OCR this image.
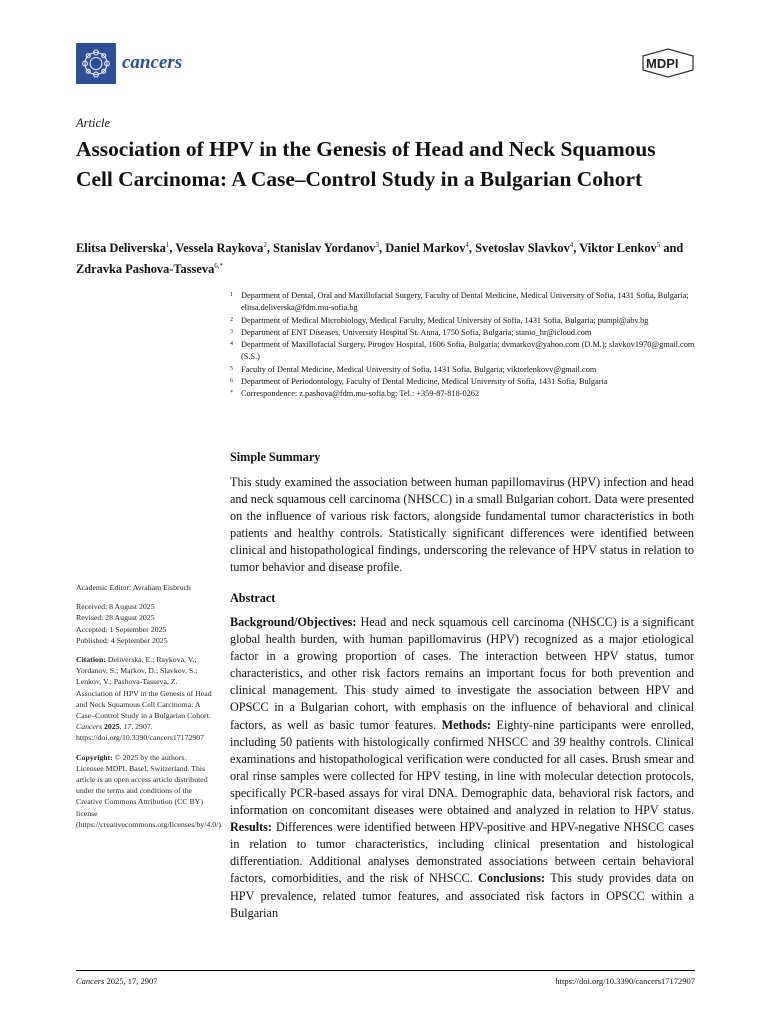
cancers	MDPI
Article
Association of HPV in the Genesis of Head and Neck Squamous Cell Carcinoma: A Case–Control Study in a Bulgarian Cohort
Elitsa Deliverska$^1$, Vessela Raykova$^2$, Stanislav Yordanov$^3$, Daniel Markov$^4$, Svetoslav Slavkov$^4$, Viktor Lenkov$^5$ and Zdravka Pashova-Tasseva$^{6,*}$
1 Department of Dental, Oral and Maxillofacial Surgery, Faculty of Dental Medicine, Medical University of Sofia, 1431 Sofia, Bulgaria; elitsa.deliverska@fdm.mu-sofia.bg
2 Department of Medical Microbiology, Medical Faculty, Medical University of Sofia, 1431 Sofia, Bulgaria; pumpi@abv.bg
3 Department of ENT Diseases, University Hospital St. Anna, 1750 Sofia, Bulgaria; stanio_hr@icloud.com
4 Department of Maxillofacial Surgery, Pirogov Hospital, 1606 Sofia, Bulgaria; dvmarkov@yahoo.com (D.M.); slavkov1970@gmail.com (S.S.)
5 Faculty of Dental Medicine, Medical University of Sofia, 1431 Sofia, Bulgaria; viktorlenkovv@gmail.com
6 Department of Periodontology, Faculty of Dental Medicine, Medical University of Sofia, 1431 Sofia, Bulgaria
* Correspondence: z.pashova@fdm.mu-sofia.bg; Tel.: +359-87-818-0262
Simple Summary
This study examined the association between human papillomavirus (HPV) infection and head and neck squamous cell carcinoma (NHSCC) in a small Bulgarian cohort. Data were presented on the influence of various risk factors, alongside fundamental tumor characteristics in both patients and healthy controls. Statistically significant differences were identified between clinical and histopathological findings, underscoring the relevance of HPV status in relation to tumor behavior and disease profile.
Abstract
Background/Objectives: Head and neck squamous cell carcinoma (NHSCC) is a significant global health burden, with human papillomavirus (HPV) recognized as a major etiological factor in a growing proportion of cases. The interaction between HPV status, tumor characteristics, and other risk factors remains an important focus for both prevention and clinical management. This study aimed to investigate the association between HPV and OPSCC in a Bulgarian cohort, with emphasis on the influence of behavioral and clinical factors, as well as basic tumor features. Methods: Eighty-nine participants were enrolled, including 50 patients with histologically confirmed NHSCC and 39 healthy controls. Clinical examinations and histopathological verification were conducted for all cases. Brush smear and oral rinse samples were collected for HPV testing, in line with molecular detection protocols, specifically PCR-based assays for viral DNA. Demographic data, behavioral risk factors, and information on concomitant diseases were obtained and analyzed in relation to HPV status. Results: Differences were identified between HPV-positive and HPV-negative NHSCC cases in relation to tumor characteristics, including clinical presentation and histological differentiation. Additional analyses demonstrated associations between certain behavioral factors, comorbidities, and the risk of NHSCC. Conclusions: This study provides data on HPV prevalence, related tumor features, and associated risk factors in OPSCC within a Bulgarian
Academic Editor: Avraham Eisbruch
Received: 8 August 2025
Revised: 28 August 2025
Accepted: 1 September 2025
Published: 4 September 2025
Citation: Deliverska, E.; Raykova, V.; Yordanov, S.; Markov, D.; Slavkov, S.; Lenkov, V.; Pashova-Tasseva, Z. Association of HPV in the Genesis of Head and Neck Squamous Cell Carcinoma: A Case–Control Study in a Bulgarian Cohort. Cancers 2025, 17, 2907. https://doi.org/10.3390/cancers17172907
Copyright: © 2025 by the authors. Licensee MDPI, Basel, Switzerland. This article is an open access article distributed under the terms and conditions of the Creative Commons Attribution (CC BY) license (https://creativecommons.org/licenses/by/4.0/).
Cancers 2025, 17, 2907	https://doi.org/10.3390/cancers17172907
